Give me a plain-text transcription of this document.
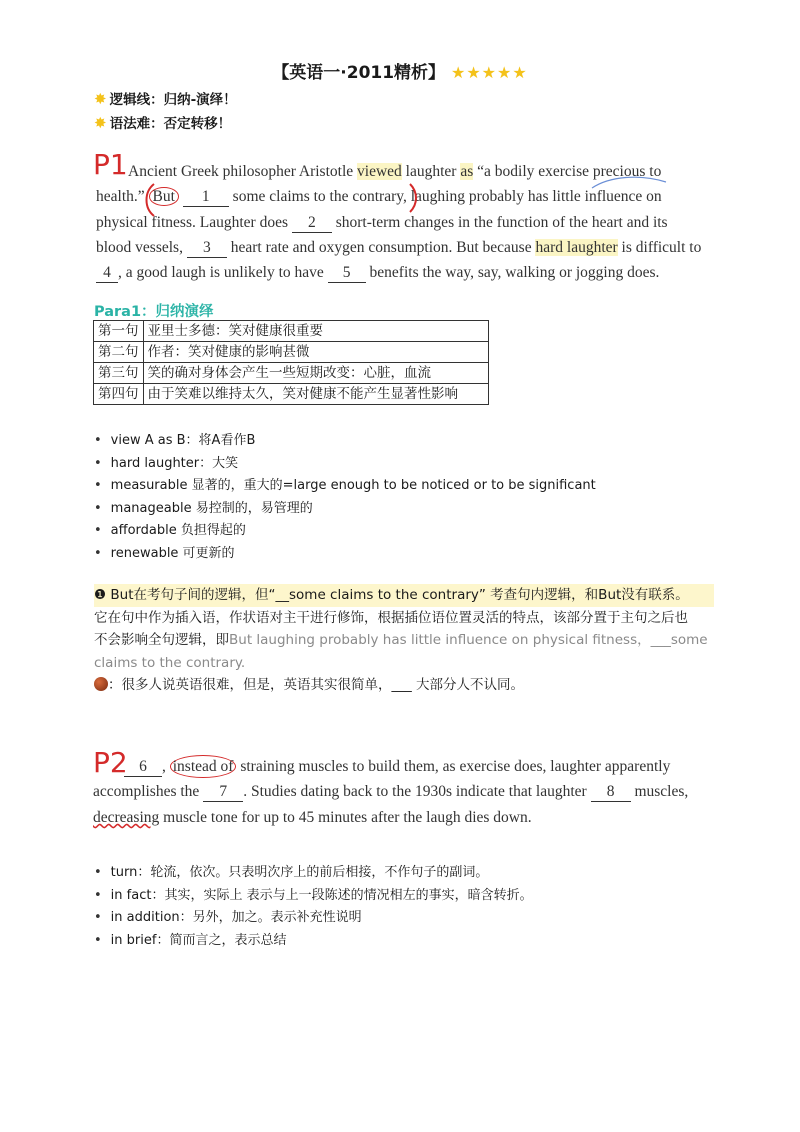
【英语一·2011精析】 ★★★★★
✸ 逻辑线：归纳-演绎！
✸ 语法难：否定转移！
P1 Ancient Greek philosopher Aristotle viewed laughter as “a bodily exercise precious to
health.” But 1 some claims to the contrary, laughing probably has little influence on
physical fitness. Laughter does 2 short-term changes in the function of the heart and its
blood vessels, 3 heart rate and oxygen consumption. But because hard laughter is difficult to
4 , a good laugh is unlikely to have 5 benefits the way, say, walking or jogging does.
Para1：归纳演绎
第一句	亚里士多德：笑对健康很重要
第二句	作者：笑对健康的影响甚微
第三句	笑的确对身体会产生一些短期改变：心脏，血流
第四句	由于笑难以维持太久，笑对健康不能产生显著性影响
• view A as B：将A看作B
• hard laughter：大笑
• measurable 显著的，重大的=large enough to be noticed or to be significant
• manageable 易控制的，易管理的
• affordable 负担得起的
• renewable 可更新的
❶ But在考句子间的逻辑，但“__some claims to the contrary” 考查句内逻辑，和But没有联系。
它在句中作为插入语，作状语对主干进行修饰，根据插位语位置灵活的特点，该部分置于主句之后也
不会影响全句逻辑，即But laughing probably has little influence on physical fitness，___some
claims to the contrary.
：很多人说英语很难，但是，英语其实很简单，___ 大部分人不认同。
P2 6 , instead of straining muscles to build them, as exercise does, laughter apparently
accomplishes the 7 . Studies dating back to the 1930s indicate that laughter 8 muscles,
decreasing muscle tone for up to 45 minutes after the laugh dies down.
• turn：轮流，依次。只表明次序上的前后相接，不作句子的副词。
• in fact：其实，实际上 表示与上一段陈述的情况相左的事实，暗含转折。
• in addition：另外，加之。表示补充性说明
• in brief：简而言之，表示总结
